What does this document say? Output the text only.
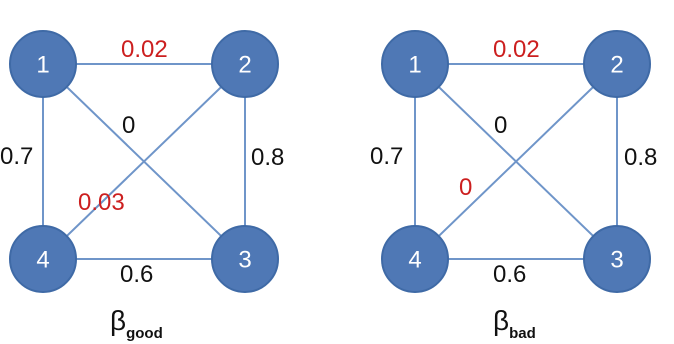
1	2
3
4
0.02
0.8
0.6
0.7
0
0.03
βgood
1	2
3
4
0.02
0.8
0.6
0.7
0
0
βbad
